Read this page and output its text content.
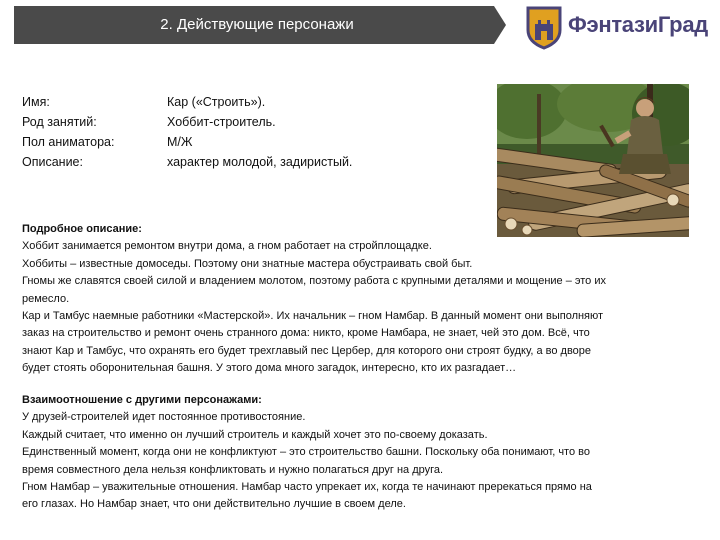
2. Действующие персонажи	ФэнтазиГрад
Имя:	Кар («Строить»).
Род занятий:	Хоббит-строитель.
Пол аниматора:	М/Ж
Описание:	характер молодой, задиристый.

Подробное описание:

Хоббит занимается ремонтом внутри дома, а гном работает на стройплощадке.

Хоббиты – известные домоседы. Поэтому они знатные мастера обустраивать свой быт.

Гномы же славятся своей силой и владением молотом, поэтому работа с крупными деталями и мощение – это их

ремесло.

Кар и Тамбус наемные работники «Мастерской». Их начальник – гном Намбар. В данный момент они выполняют

заказ на строительство и ремонт очень странного дома: никто, кроме Намбара, не знает, чей это дом. Всё, что

знают Кар и Тамбус, что охранять его будет трехглавый пес Цербер, для которого они строят будку, а во дворе

будет стоять оборонительная башня. У этого дома много загадок, интересно, кто их разгадает…

Взаимоотношение с другими персонажами:

У друзей-строителей идет постоянное противостояние.

Каждый считает, что именно он лучший строитель и каждый хочет это по-своему доказать.

Единственный момент, когда они не конфликтуют – это строительство башни. Поскольку оба понимают, что во

время совместного дела нельзя конфликтовать и нужно полагаться друг на друга.

Гном Намбар – уважительные отношения. Намбар часто упрекает их, когда те начинают пререкаться прямо на

его глазах. Но Намбар знает, что они действительно лучшие в своем деле.
